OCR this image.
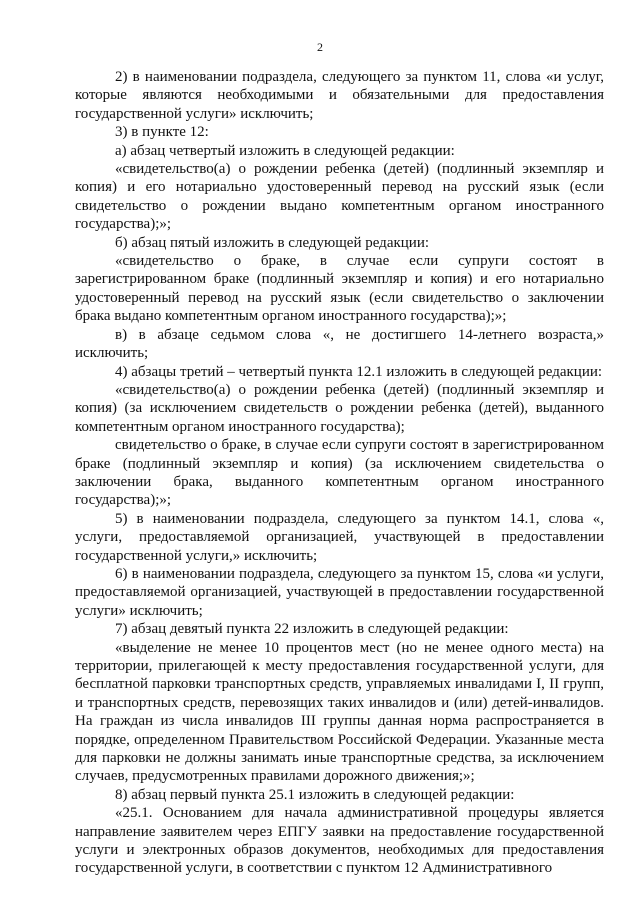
2

2) в наименовании подраздела, следующего за пунктом 11, слова «и услуг, которые являются необходимыми и обязательными для предоставления государственной услуги» исключить;

3) в пункте 12:

а) абзац четвертый изложить в следующей редакции:

«свидетельство(а) о рождении ребенка (детей) (подлинный экземпляр и копия) и его нотариально удостоверенный перевод на русский язык (если свидетельство о рождении выдано компетентным органом иностранного государства);»;

б) абзац пятый изложить в следующей редакции:

«свидетельство о браке, в случае если супруги состоят в зарегистрированном браке (подлинный экземпляр и копия) и его нотариально удостоверенный перевод на русский язык (если свидетельство о заключении брака выдано компетентным органом иностранного государства);»;

в) в абзаце седьмом слова «, не достигшего 14-летнего возраста,» исключить;

4) абзацы третий – четвертый пункта 12.1 изложить в следующей редакции:

«свидетельство(а) о рождении ребенка (детей) (подлинный экземпляр и копия) (за исключением свидетельств о рождении ребенка (детей), выданного компетентным органом иностранного государства);

свидетельство о браке, в случае если супруги состоят в зарегистрированном браке (подлинный экземпляр и копия) (за исключением свидетельства о заключении брака, выданного компетентным органом иностранного государства);»;

5) в наименовании подраздела, следующего за пунктом 14.1, слова «, услуги, предоставляемой организацией, участвующей в предоставлении государственной услуги,» исключить;

6) в наименовании подраздела, следующего за пунктом 15, слова «и услуги, предоставляемой организацией, участвующей в предоставлении государственной услуги» исключить;

7) абзац девятый пункта 22 изложить в следующей редакции:

«выделение не менее 10 процентов мест (но не менее одного места) на территории, прилегающей к месту предоставления государственной услуги, для бесплатной парковки транспортных средств, управляемых инвалидами I, II групп, и транспортных средств, перевозящих таких инвалидов и (или) детей-инвалидов. На граждан из числа инвалидов III группы данная норма распространяется в порядке, определенном Правительством Российской Федерации. Указанные места для парковки не должны занимать иные транспортные средства, за исключением случаев, предусмотренных правилами дорожного движения;»;

8) абзац первый пункта 25.1 изложить в следующей редакции:

«25.1. Основанием для начала административной процедуры является направление заявителем через ЕПГУ заявки на предоставление государственной услуги и электронных образов документов, необходимых для предоставления государственной услуги, в соответствии с пунктом 12 Административного
